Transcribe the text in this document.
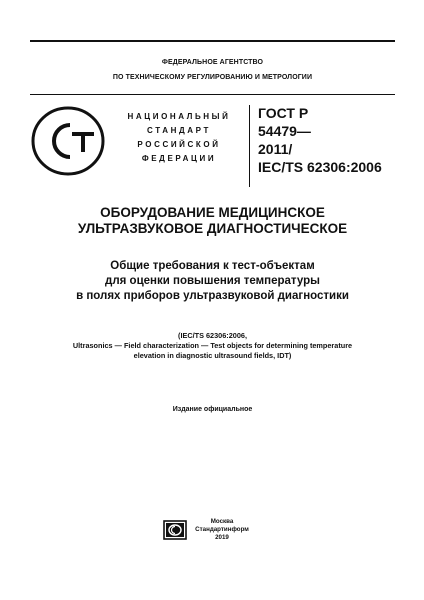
ФЕДЕРАЛЬНОЕ АГЕНТСТВО
ПО ТЕХНИЧЕСКОМУ РЕГУЛИРОВАНИЮ И МЕТРОЛОГИИ
НАЦИОНАЛЬНЫЙ
СТАНДАРТ
РОССИЙСКОЙ
ФЕДЕРАЦИИ
ГОСТ Р
54479—
2011/
IEC/TS 62306:2006
ОБОРУДОВАНИЕ МЕДИЦИНСКОЕ
УЛЬТРАЗВУКОВОЕ ДИАГНОСТИЧЕСКОЕ
Общие требования к тест-объектам
для оценки повышения температуры
в полях приборов ультразвуковой диагностики
(IEC/TS 62306:2006,
Ultrasonics — Field characterization — Test objects for determining temperature
elevation in diagnostic ultrasound fields, IDT)
Издание официальное
Москва
Стандартинформ
2019
